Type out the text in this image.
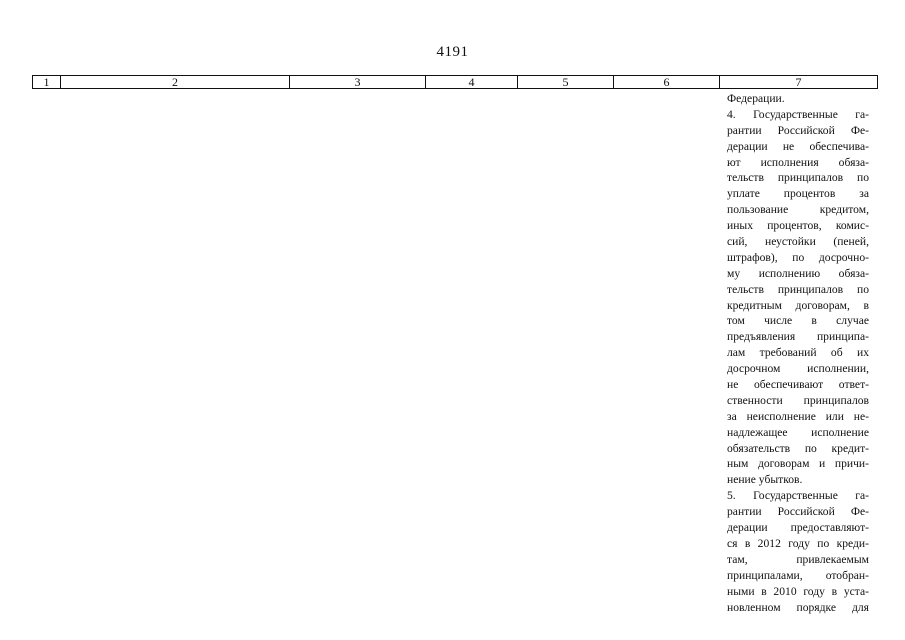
4191
1	2	3	4	5	6	7
Федерации.
4. Государственные га-
рантии Российской Фе-
дерации не обеспечива-
ют исполнения обяза-
тельств принципалов по
уплате процентов за
пользование кредитом,
иных процентов, комис-
сий, неустойки (пеней,
штрафов), по досрочно-
му исполнению обяза-
тельств принципалов по
кредитным договорам, в
том числе в случае
предъявления принципа-
лам требований об их
досрочном исполнении,
не обеспечивают ответ-
ственности принципалов
за неисполнение или не-
надлежащее исполнение
обязательств по кредит-
ным договорам и причи-
нение убытков.
5. Государственные га-
рантии Российской Фе-
дерации предоставляют-
ся в 2012 году по креди-
там, привлекаемым
принципалами, отобран-
ными в 2010 году в уста-
новленном порядке для
